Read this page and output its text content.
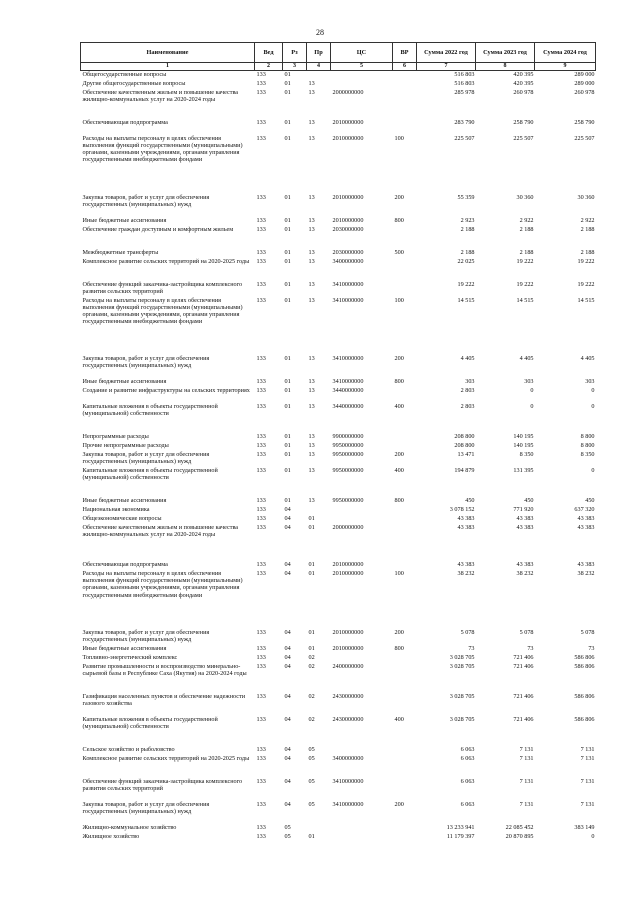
28
Наименование	Вед	Рз	Пр	ЦС	ВР	Сумма 2022 год	Сумма 2023 год	Сумма 2024 год
1	2	3	4	5	6	7	8	9
Общегосударственные вопросы	133	01				516 803	420 395	289 000
Другие общегосударственные вопросы	133	01	13			516 803	420 395	289 000
Обеспечение качественным жильем и повышение качества жилищно-коммунальных услуг на 2020-2024 годы	133	01	13	2000000000		285 978	260 978	260 978
Обеспечивающая подпрограмма	133	01	13	2010000000		283 790	258 790	258 790
Расходы на выплаты персоналу в целях обеспечения выполнения функций государственными (муниципальными) органами, казенными учреждениями, органами управления государственными внебюджетными фондами	133	01	13	2010000000	100	225 507	225 507	225 507
Закупка товаров, работ и услуг для обеспечения государственных (муниципальных) нужд	133	01	13	2010000000	200	55 359	30 360	30 360
Иные бюджетные ассигнования	133	01	13	2010000000	800	2 923	2 922	2 922
Обеспечение граждан доступным и комфортным жильем	133	01	13	2030000000		2 188	2 188	2 188
Межбюджетные трансферты	133	01	13	2030000000	500	2 188	2 188	2 188
Комплексное развитие сельских территорий на 2020-2025 годы	133	01	13	3400000000		22 025	19 222	19 222
Обеспечение функций заказчика-застройщика комплексного развития сельских территорий	133	01	13	3410000000		19 222	19 222	19 222
Расходы на выплаты персоналу в целях обеспечения выполнения функций государственными (муниципальными) органами, казенными учреждениями, органами управления государственными внебюджетными фондами	133	01	13	3410000000	100	14 515	14 515	14 515
Закупка товаров, работ и услуг для обеспечения государственных (муниципальных) нужд	133	01	13	3410000000	200	4 405	4 405	4 405
Иные бюджетные ассигнования	133	01	13	3410000000	800	303	303	303
Создание и развитие инфраструктуры на сельских территориях	133	01	13	3440000000		2 803	0	0
Капитальные вложения в объекты государственной (муниципальной) собственности	133	01	13	3440000000	400	2 803	0	0
Непрограммные расходы	133	01	13	9900000000		208 800	140 195	8 800
Прочие непрограммные расходы	133	01	13	9950000000		208 800	140 195	8 800
Закупка товаров, работ и услуг для обеспечения государственных (муниципальных) нужд	133	01	13	9950000000	200	13 471	8 350	8 350
Капитальные вложения в объекты государственной (муниципальной) собственности	133	01	13	9950000000	400	194 879	131 395	0
Иные бюджетные ассигнования	133	01	13	9950000000	800	450	450	450
Национальная экономика	133	04				3 078 152	771 920	637 320
Общеэкономические вопросы	133	04	01			43 383	43 383	43 383
Обеспечение качественным жильем и повышение качества жилищно-коммунальных услуг на 2020-2024 годы	133	04	01	2000000000		43 383	43 383	43 383
Обеспечивающая подпрограмма	133	04	01	2010000000		43 383	43 383	43 383
Расходы на выплаты персоналу в целях обеспечения выполнения функций государственными (муниципальными) органами, казенными учреждениями, органами управления государственными внебюджетными фондами	133	04	01	2010000000	100	38 232	38 232	38 232
Закупка товаров, работ и услуг для обеспечения государственных (муниципальных) нужд	133	04	01	2010000000	200	5 078	5 078	5 078
Иные бюджетные ассигнования	133	04	01	2010000000	800	73	73	73
Топливно-энергетический комплекс	133	04	02			3 028 705	721 406	586 806
Развитие промышленности и воспроизводство минерально-сырьевой базы в Республике Саха (Якутия) на 2020-2024 годы	133	04	02	2400000000		3 028 705	721 406	586 806
Газификация населенных пунктов и обеспечение надежности газового хозяйства	133	04	02	2430000000		3 028 705	721 406	586 806
Капитальные вложения в объекты государственной (муниципальной) собственности	133	04	02	2430000000	400	3 028 705	721 406	586 806
Сельское хозяйство и рыболовство	133	04	05			6 063	7 131	7 131
Комплексное развитие сельских территорий на 2020-2025 годы	133	04	05	3400000000		6 063	7 131	7 131
Обеспечение функций заказчика-застройщика комплексного развития сельских территорий	133	04	05	3410000000		6 063	7 131	7 131
Закупка товаров, работ и услуг для обеспечения государственных (муниципальных) нужд	133	04	05	3410000000	200	6 063	7 131	7 131
Жилищно-коммунальное хозяйство	133	05				13 233 941	22 085 452	383 149
Жилищное хозяйство	133	05	01			11 179 397	20 870 895	0
